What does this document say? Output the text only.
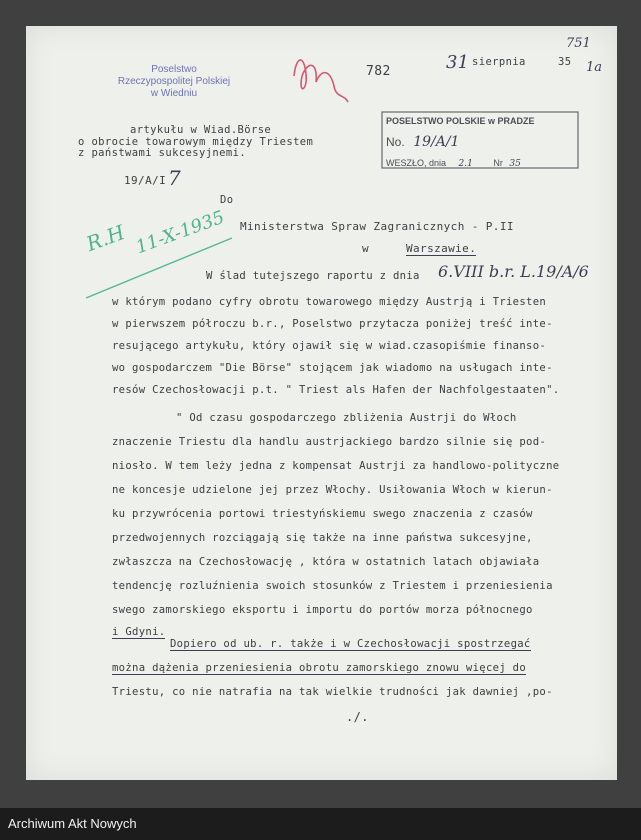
Poselstwo
Rzeczypospolitej Polskiej
w Wiedniu
782	31 sierpnia	35
751
1a
artykułu w Wiad.Börse
o obrocie towarowym między Triestem
z państwami sukcesyjnemi.
19/A/I 7
POSELSTWO POLSKIE w PRADZE
No. 19/A/1
WESZŁO, dnia 2.1 Nr 35
R.H 11-X-1935
Do
Ministerstwa Spraw Zagranicznych - P.II
w	Warszawie.
W ślad tutejszego raportu z dnia 6.VIII b.r. L.19/A/6
w którym podano cyfry obrotu towarowego między Austrją i Triesten
w pierwszem półroczu b.r., Poselstwo przytacza poniżej treść inte-
resującego artykułu, który ojawił się w wiad.czasopiśmie finanso-
wo gospodarczem "Die Börse" stojącem jak wiadomo na usługach inte-
resów Czechosłowacji p.t. " Triest als Hafen der Nachfolgestaaten".
" Od czasu gospodarczego zbliżenia Austrji do Włoch
znaczenie Triestu dla handlu austrjackiego bardzo silnie się pod-
niosło. W tem leży jedna z kompensat Austrji za handlowo-polityczne
ne koncesje udzielone jej przez Włochy. Usiłowania Włoch w kierun-
ku przywrócenia portowi triestyńskiemu swego znaczenia z czasów
przedwojennych rozciągają się także na inne państwa sukcesyjne,
zwłaszcza na Czechosłowację , która w ostatnich latach objawiała
tendencję rozluźnienia swoich stosunków z Triestem i przeniesienia
swego zamorskiego eksportu i importu do portów morza północnego
i Gdyni.
Dopiero od ub. r. także i w Czechosłowacji spostrzegać
można dążenia przeniesienia obrotu zamorskiego znowu więcej do
Triestu, co nie natrafia na tak wielkie trudności jak dawniej ,po-
./.
Archiwum Akt Nowych
